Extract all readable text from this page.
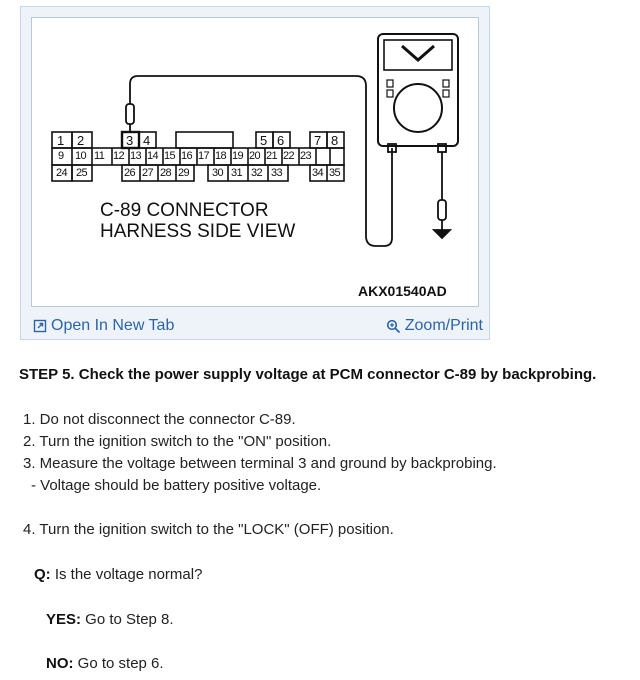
1 2	3 4	5 6 7 8
9 10 11 12 13 14 15 16 17 18 19 20 21 22 23
24 25	26 27 28 29 30 31 32 33	34 35
C-89 CONNECTOR
HARNESS SIDE VIEW
AKX01540AD
Open In New Tab	Zoom/Print
STEP 5. Check the power supply voltage at PCM connector C-89 by backprobing.
1. Do not disconnect the connector C-89.
2. Turn the ignition switch to the "ON" position.
3. Measure the voltage between terminal 3 and ground by backprobing.
- Voltage should be battery positive voltage.
4. Turn the ignition switch to the "LOCK" (OFF) position.
Q: Is the voltage normal?
YES: Go to Step 8.
NO: Go to step 6.
